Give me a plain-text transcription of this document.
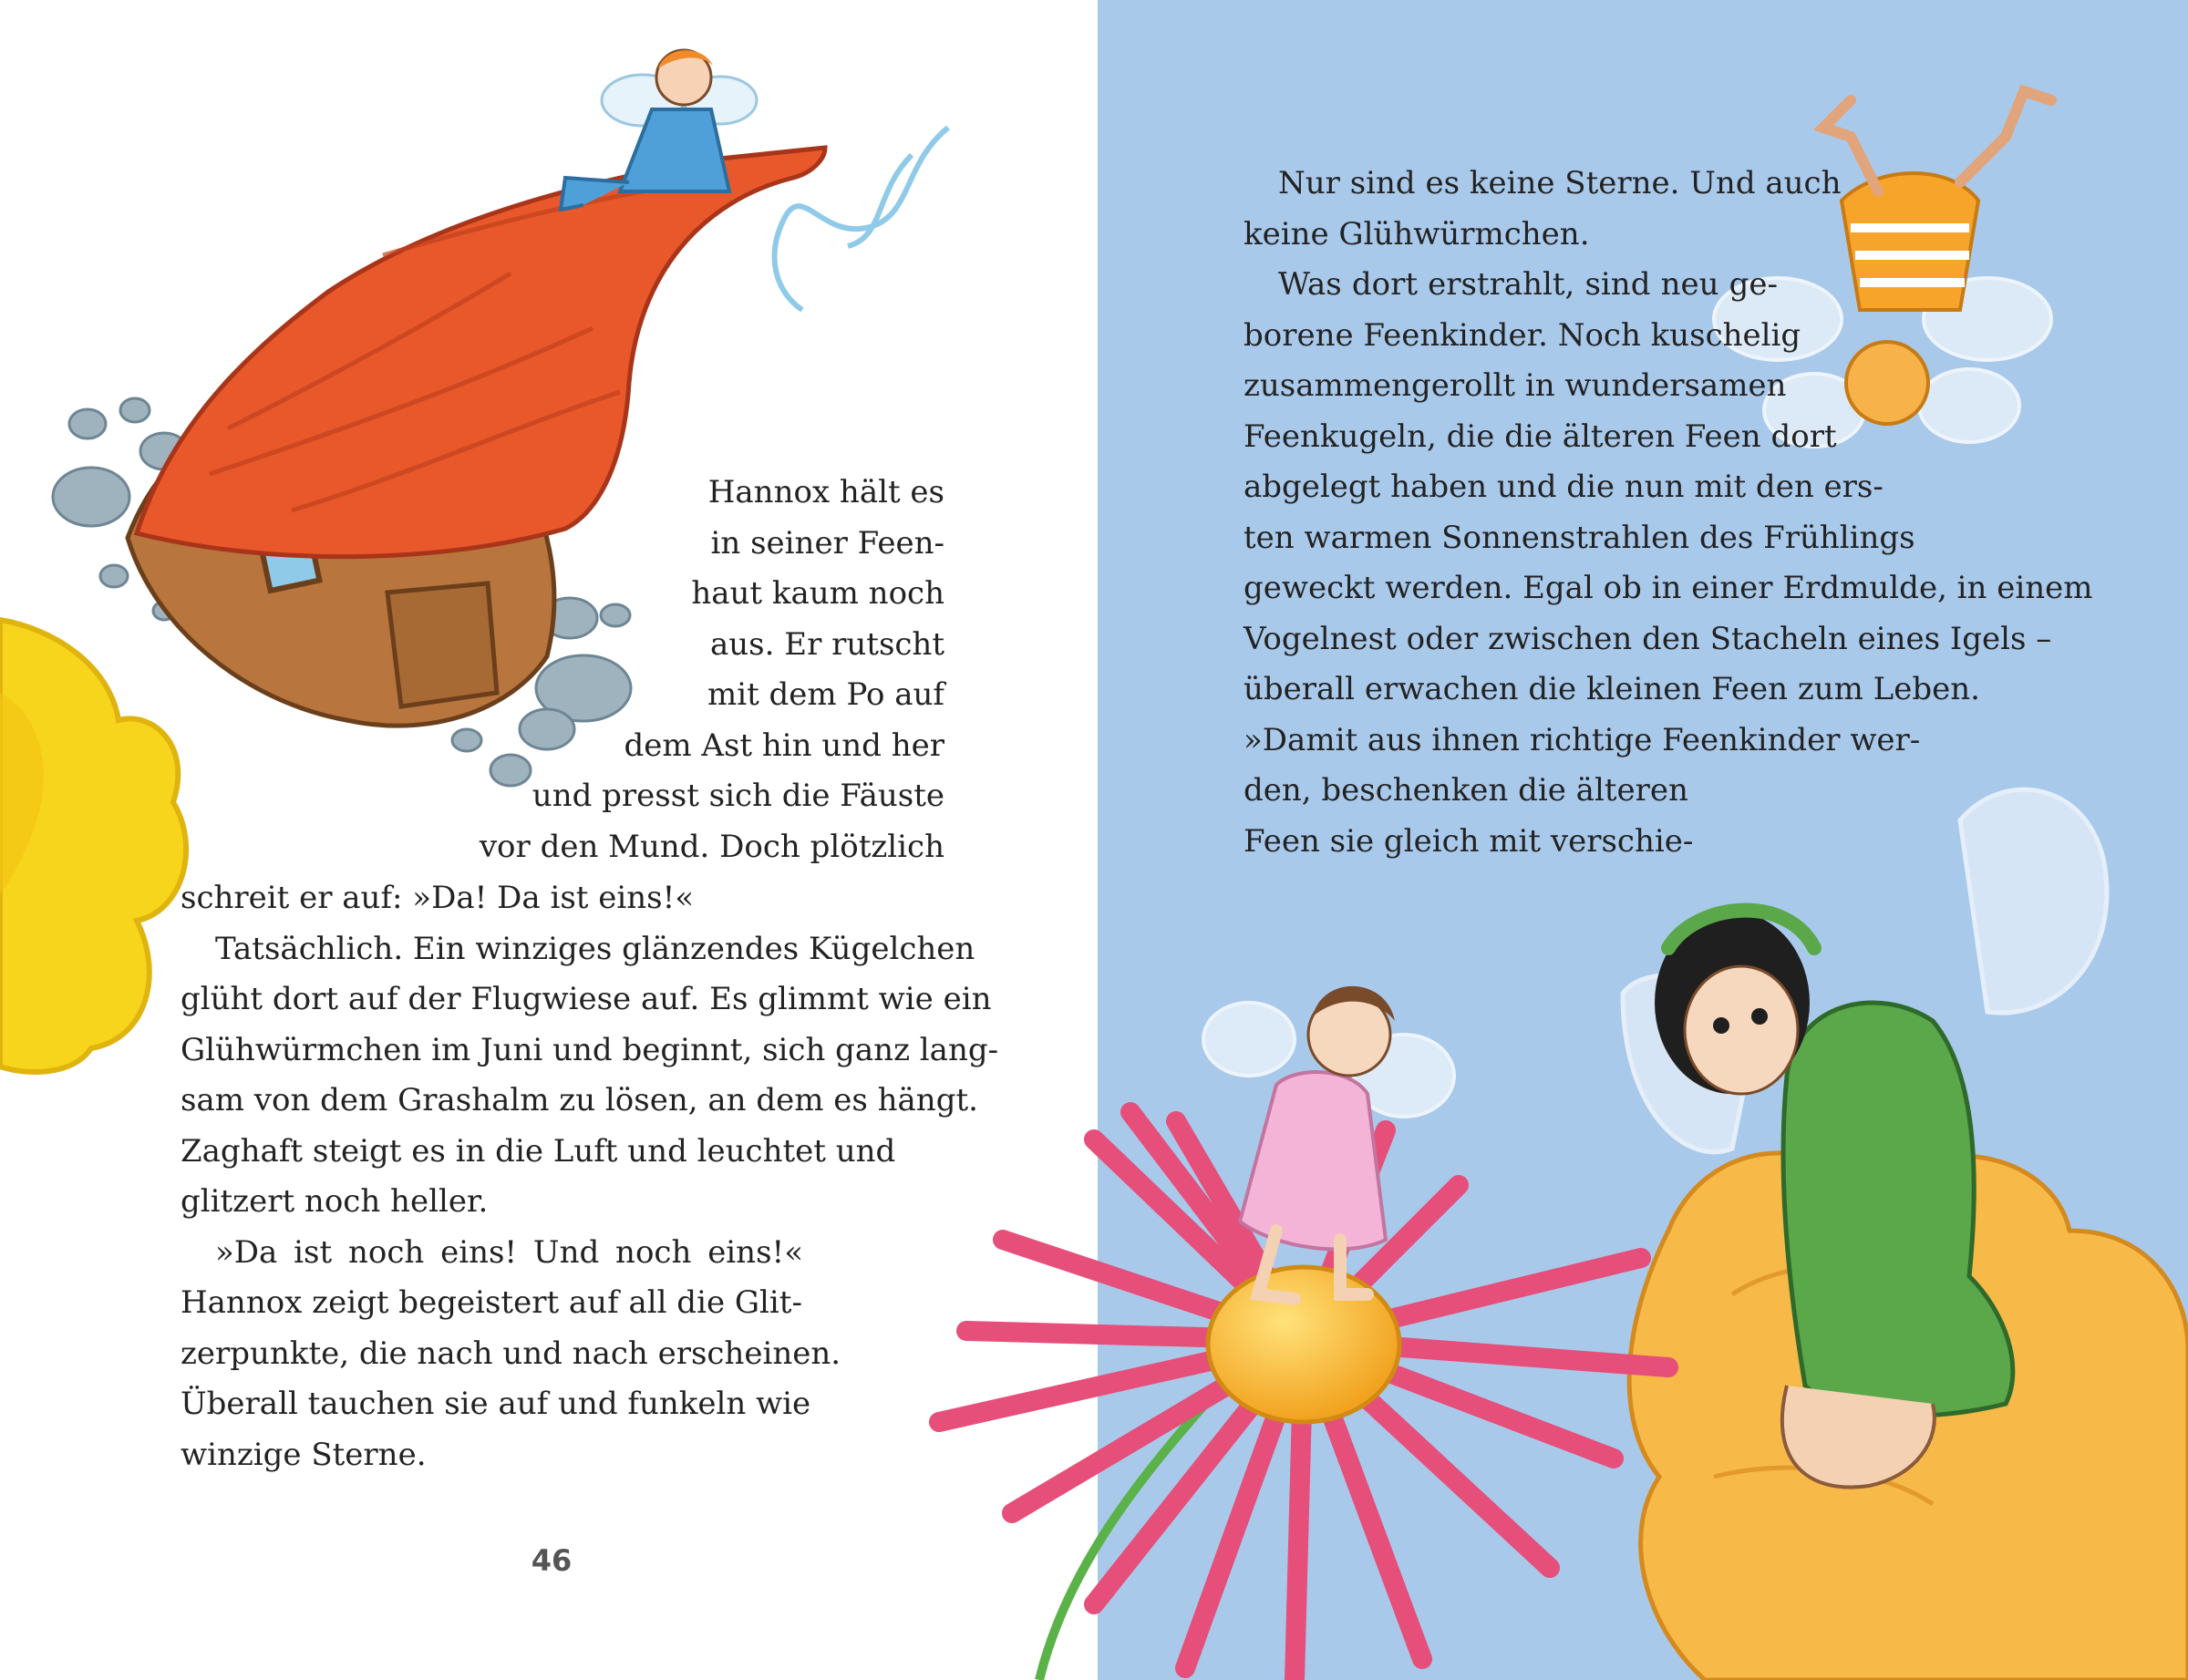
Hannox hält es
in seiner Feen-
haut kaum noch
aus. Er rutscht
mit dem Po auf
dem Ast hin und her
und presst sich die Fäuste
vor den Mund. Doch plötzlich
schreit er auf: »Da! Da ist eins!«
Tatsächlich. Ein winziges glänzendes Kügelchen
glüht dort auf der Flugwiese auf. Es glimmt wie ein
Glühwürmchen im Juni und beginnt, sich ganz lang-
sam von dem Grashalm zu lösen, an dem es hängt.
Zaghaft steigt es in die Luft und leuchtet und
glitzert noch heller.
»Da ist noch eins! Und noch eins!«
Hannox zeigt begeistert auf all die Glit-
zerpunkte, die nach und nach erscheinen.
Überall tauchen sie auf und funkeln wie
winzige Sterne.
46
Nur sind es keine Sterne. Und auch
keine Glühwürmchen.
Was dort erstrahlt, sind neu ge-
borene Feenkinder. Noch kuschelig
zusammengerollt in wundersamen
Feenkugeln, die die älteren Feen dort
abgelegt haben und die nun mit den ers-
ten warmen Sonnenstrahlen des Frühlings
geweckt werden. Egal ob in einer Erdmulde, in einem
Vogelnest oder zwischen den Stacheln eines Igels –
überall erwachen die kleinen Feen zum Leben.
»Damit aus ihnen richtige Feenkinder wer-
den, beschenken die älteren
Feen sie gleich mit verschie-
